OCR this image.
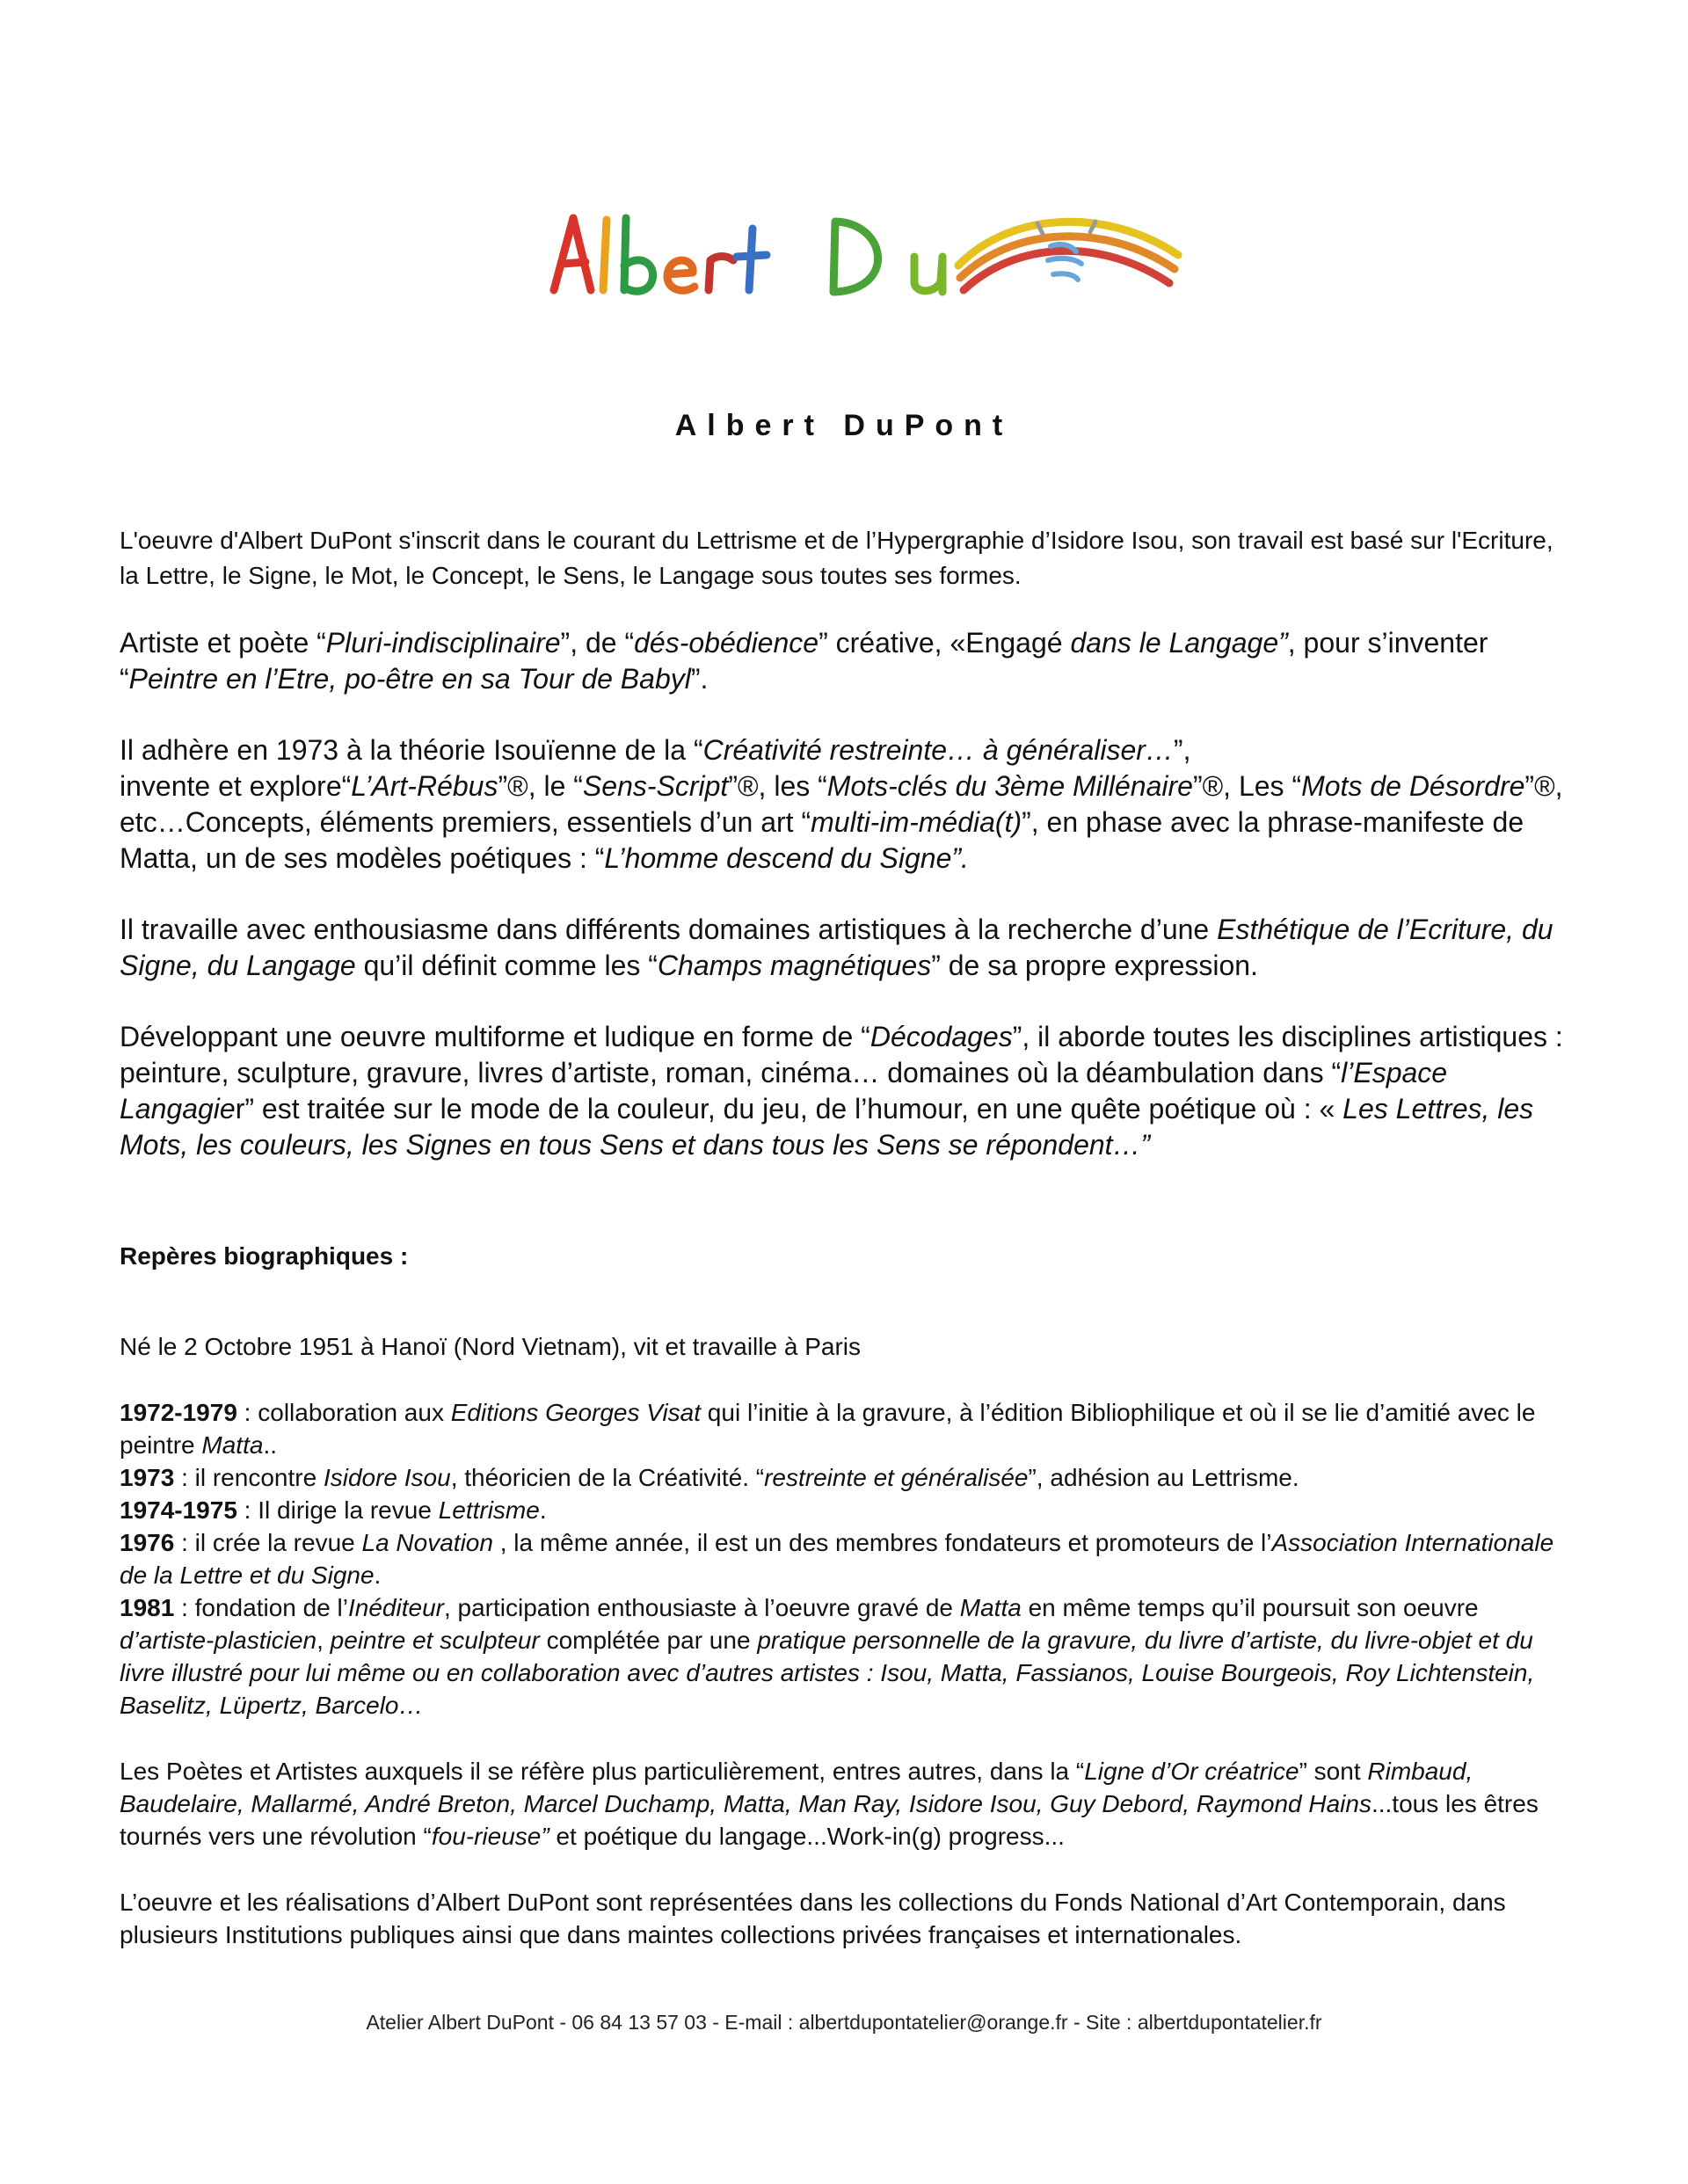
Albert DuPont

L'oeuvre d'Albert DuPont s'inscrit dans le courant du Lettrisme et de l’Hypergraphie d’Isidore Isou, son travail est basé sur l'Ecriture, la Lettre, le Signe, le Mot, le Concept, le Sens, le Langage sous toutes ses formes.

Artiste et poète “Pluri-indisciplinaire”, de “dés-obédience” créative, «Engagé dans le Langage”, pour s’inventer “Peintre en l’Etre, po-être en sa Tour de Babyl”.

Il adhère en 1973 à la théorie Isouïenne de la “Créativité restreinte… à généraliser…”,
invente et explore“L’Art-Rébus”®, le “Sens-Script”®, les “Mots-clés du 3ème Millénaire”®, Les “Mots de Désordre”®, etc…Concepts, éléments premiers, essentiels d’un art “multi-im-média(t)”, en phase avec la phrase-manifeste de Matta, un de ses modèles poétiques : “L’homme descend du Signe”.

Il travaille avec enthousiasme dans différents domaines artistiques à la recherche d’une Esthétique de l’Ecriture, du Signe, du Langage qu’il définit comme les “Champs magnétiques” de sa propre expression.

Développant une oeuvre multiforme et ludique en forme de “Décodages”, il aborde toutes les disciplines artistiques : peinture, sculpture, gravure, livres d’artiste, roman, cinéma… domaines où la déambulation dans “l’Espace Langagier” est traitée sur le mode de la couleur, du jeu, de l’humour, en une quête poétique où : « Les Lettres, les Mots, les couleurs, les Signes en tous Sens et dans tous les Sens se répondent…”

Repères biographiques :

Né le 2 Octobre 1951 à Hanoï (Nord Vietnam), vit et travaille à Paris

1972-1979 : collaboration aux Editions Georges Visat qui l’initie à la gravure, à l’édition Bibliophilique et où il se lie d’amitié avec le peintre Matta..

1973 : il rencontre Isidore Isou, théoricien de la Créativité. “restreinte et généralisée”, adhésion au Lettrisme.

1974-1975 : Il dirige la revue Lettrisme.

1976 : il crée la revue La Novation , la même année, il est un des membres fondateurs et promoteurs de l’Association Internationale de la Lettre et du Signe.

1981 : fondation de l’Inéditeur, participation enthousiaste à l’oeuvre gravé de Matta en même temps qu’il poursuit son oeuvre d’artiste-plasticien, peintre et sculpteur complétée par une pratique personnelle de la gravure, du livre d’artiste, du livre-objet et du livre illustré pour lui même ou en collaboration avec d’autres artistes : Isou, Matta, Fassianos, Louise Bourgeois, Roy Lichtenstein, Baselitz, Lüpertz, Barcelo…

Les Poètes et Artistes auxquels il se réfère plus particulièrement, entres autres, dans la “Ligne d’Or créatrice” sont Rimbaud, Baudelaire, Mallarmé, André Breton, Marcel Duchamp, Matta, Man Ray, Isidore Isou, Guy Debord, Raymond Hains...tous les êtres tournés vers une révolution “fou-rieuse” et poétique du langage...Work-in(g) progress...

L’oeuvre et les réalisations d’Albert DuPont sont représentées dans les collections du Fonds National d’Art Contemporain, dans plusieurs Institutions publiques ainsi que dans maintes collections privées françaises et internationales.

Atelier Albert DuPont - 06 84 13 57 03 - E-mail : albertdupontatelier@orange.fr - Site : albertdupontatelier.fr
